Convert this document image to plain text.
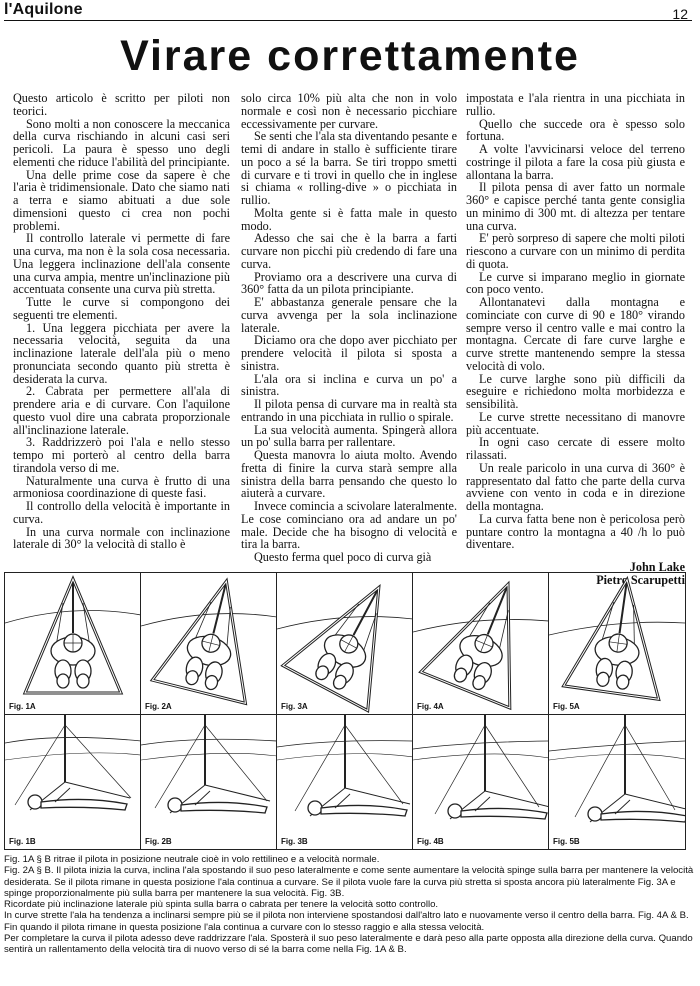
l'Aquilone	12
Virare correttamente

Questo articolo è scritto per piloti non teorici.

Sono molti a non conoscere la meccanica della curva rischiando in alcuni casi seri pericoli. La paura è spesso uno degli elementi che riduce l'abilità del principiante.

Una delle prime cose da sapere è che l'aria è tridimensionale. Dato che siamo nati a terra e siamo abituati a due sole dimensioni questo ci crea non pochi problemi.

Il controllo laterale vi permette di fare una curva, ma non è la sola cosa necessaria. Una leggera inclinazione dell'ala consente una curva ampia, mentre un'inclinazione più accentuata consente una curva più stretta.

Tutte le curve si compongono dei seguenti tre elementi.

1. Una leggera picchiata per avere la necessaria velocità, seguita da una inclinazione laterale dell'ala più o meno pronunciata secondo quanto più stretta è desiderata la curva.

2. Cabrata per permettere all'ala di prendere aria e di curvare. Con l'aquilone questo vuol dire una cabrata proporzionale all'inclinazione laterale.

3. Raddrizzerò poi l'ala e nello stesso tempo mi porterò al centro della barra tirandola verso di me.

Naturalmente una curva è frutto di una armoniosa coordinazione di queste fasi.

Il controllo della velocità è importante in curva.

In una curva normale con inclinazione laterale di 30° la velocità di stallo è

solo circa 10% più alta che non in volo normale e così non è necessario picchiare eccessivamente per curvare.

Se senti che l'ala sta diventando pesante e temi di andare in stallo è sufficiente tirare un poco a sé la barra. Se tiri troppo smetti di curvare e ti trovi in quello che in inglese si chiama « rolling-dive » o picchiata in rullio.

Molta gente si è fatta male in questo modo.

Adesso che sai che è la barra a farti curvare non picchi più credendo di fare una curva.

Proviamo ora a descrivere una curva di 360° fatta da un pilota principiante.

E' abbastanza generale pensare che la curva avvenga per la sola inclinazione laterale.

Diciamo ora che dopo aver picchiato per prendere velocità il pilota si sposta a sinistra.

L'ala ora si inclina e curva un po' a sinistra.

Il pilota pensa di curvare ma in realtà sta entrando in una picchiata in rullio o spirale.

La sua velocità aumenta. Spingerà allora un po' sulla barra per rallentare.

Questa manovra lo aiuta molto. Avendo fretta di finire la curva starà sempre alla sinistra della barra pensando che questo lo aiuterà a curvare.

Invece comincia a scivolare lateralmente. Le cose cominciano ora ad andare un po' male. Decide che ha bisogno di velocità e tira la barra.

Questo ferma quel poco di curva già

impostata e l'ala rientra in una picchiata in rullio.

Quello che succede ora è spesso solo fortuna.

A volte l'avvicinarsi veloce del terreno costringe il pilota a fare la cosa più giusta e allontana la barra.

Il pilota pensa di aver fatto un normale 360° e capisce perché tanta gente consiglia un minimo di 300 mt. di altezza per tentare una curva.

E' però sorpreso di sapere che molti piloti riescono a curvare con un minimo di perdita di quota.

Le curve si imparano meglio in giornate con poco vento.

Allontanatevi dalla montagna e cominciate con curve di 90 e 180° virando sempre verso il centro valle e mai contro la montagna. Cercate di fare curve larghe e curve strette mantenendo sempre la stessa velocità di volo.

Le curve larghe sono più difficili da eseguire e richiedono molta morbidezza e sensibilità.

Le curve strette necessitano di manovre più accentuate.

In ogni caso cercate di essere molto rilassati.

Un reale paricolo in una curva di 360° è rappresentato dal fatto che parte della curva avviene con vento in coda e in direzione della montagna.

La curva fatta bene non è pericolosa però puntare contro la montagna a 40 /h lo può diventare.

John Lake

Pietro Scarupetti

Fig. 1A	Fig. 2A	Fig. 3A	Fig. 4A	Fig. 5A
Fig. 1B	Fig. 2B	Fig. 3B	Fig. 4B	Fig. 5B

Fig. 1A § B ritrae il pilota in posizione neutrale cioè in volo rettilineo e a velocità normale.

Fig. 2A § B. Il pilota inizia la curva, inclina l'ala spostando il suo peso lateralmente e come sente aumentare la velocità spinge sulla barra per mantenere la velocità desiderata. Se il pilota rimane in questa posizione l'ala continua a curvare. Se il pilota vuole fare la curva più stretta si sposta ancora più lateralmente Fig. 3A e spinge proporzionalmente più sulla barra per mantenere la sua velocità. Fig. 3B.

Ricordate più inclinazione laterale più spinta sulla barra o cabrata per tenere la velocità sotto controllo.

In curve strette l'ala ha tendenza a inclinarsi sempre più se il pilota non interviene spostandosi dall'altro lato e nuovamente verso il centro della barra. Fig. 4A & B. Fin quando il pilota rimane in questa posizione l'ala continua a curvare con lo stesso raggio e alla stessa velocità.

Per completare la curva il pilota adesso deve raddrizzare l'ala. Sposterà il suo peso lateralmente e darà peso alla parte opposta alla direzione della curva. Quando sentirà un rallentamento della velocità tira di nuovo verso di sé la barra come nella Fig. 1A & B.
